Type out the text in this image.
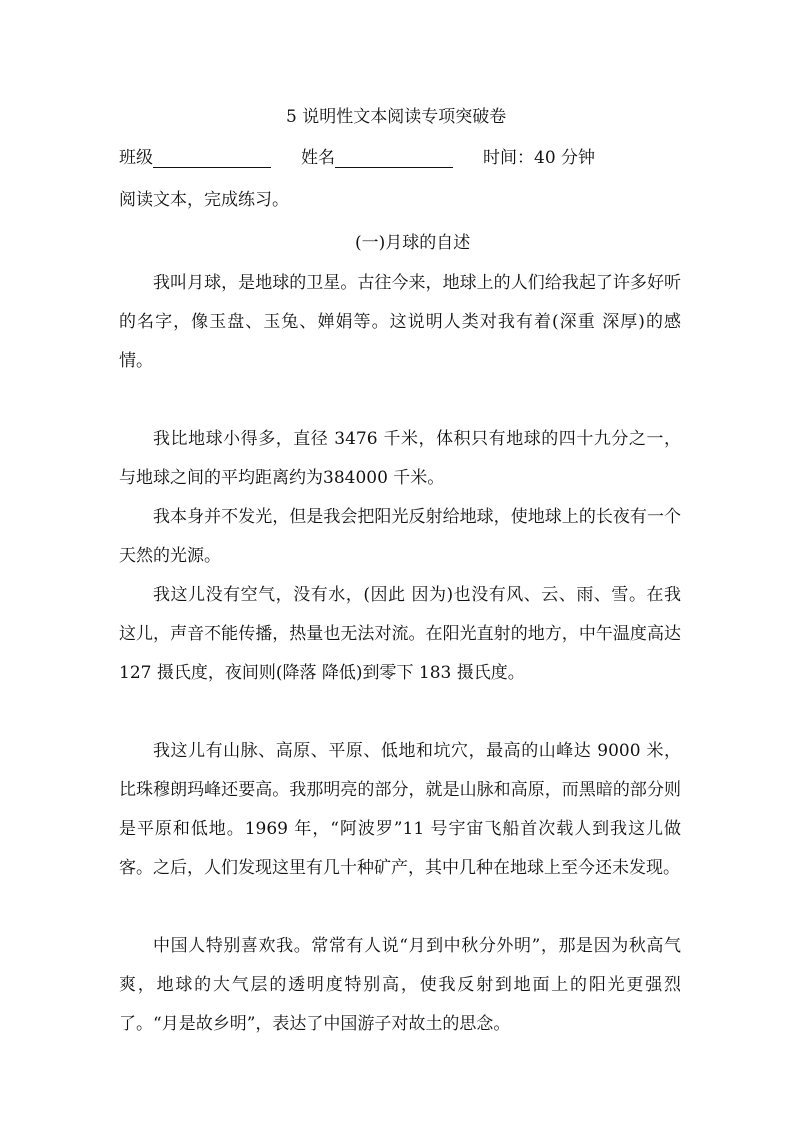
5 说明性文本阅读专项突破卷
班级	姓名	时间：40 分钟
阅读文本，完成练习。
(一)月球的自述

我叫月球，是地球的卫星。古往今来，地球上的人们给我起了许多好听的名字，像玉盘、玉兔、婵娟等。这说明人类对我有着(深重 深厚)的感情。

我比地球小得多，直径 3476 千米，体积只有地球的四十九分之一，与地球之间的平均距离约为384000 千米。

我本身并不发光，但是我会把阳光反射给地球，使地球上的长夜有一个天然的光源。

我这儿没有空气，没有水，(因此 因为)也没有风、云、雨、雪。在我这儿，声音不能传播，热量也无法对流。在阳光直射的地方，中午温度高达127 摄氏度，夜间则(降落 降低)到零下 183 摄氏度。

我这儿有山脉、高原、平原、低地和坑穴，最高的山峰达 9000 米，比珠穆朗玛峰还要高。我那明亮的部分，就是山脉和高原，而黑暗的部分则是平原和低地。1969 年，“阿波罗”11 号宇宙飞船首次载人到我这儿做客。之后，人们发现这里有几十种矿产，其中几种在地球上至今还未发现。

中国人特别喜欢我。常常有人说“月到中秋分外明”，那是因为秋高气爽，地球的大气层的透明度特别高，使我反射到地面上的阳光更强烈了。“月是故乡明”，表达了中国游子对故土的思念。
